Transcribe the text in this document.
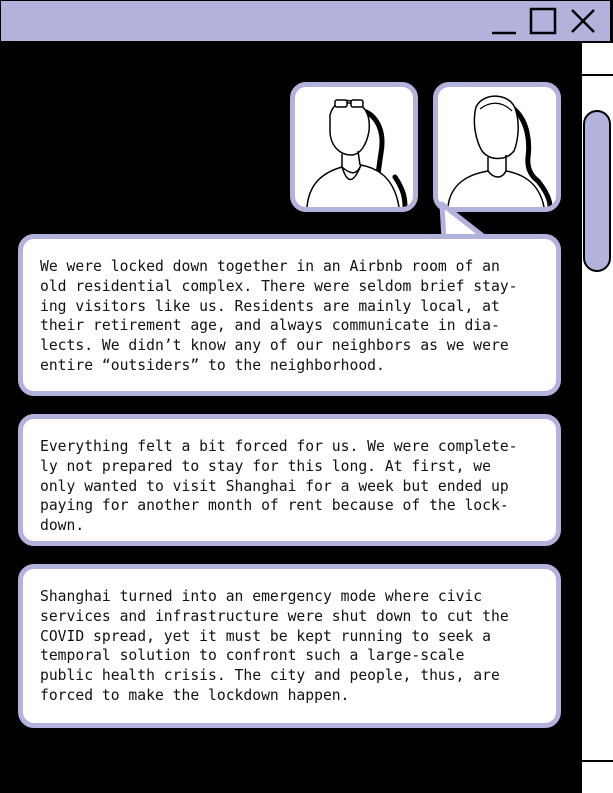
We were locked down together in an Airbnb room of an
old residential complex. There were seldom brief stay-
ing visitors like us. Residents are mainly local, at
their retirement age, and always communicate in dia-
lects. We didn’t know any of our neighbors as we were
entire “outsiders” to the neighborhood.
Everything felt a bit forced for us. We were complete-
ly not prepared to stay for this long. At first, we
only wanted to visit Shanghai for a week but ended up
paying for another month of rent because of the lock-
down.
Shanghai turned into an emergency mode where civic
services and infrastructure were shut down to cut the
COVID spread, yet it must be kept running to seek a
temporal solution to confront such a large-scale
public health crisis. The city and people, thus, are
forced to make the lockdown happen.
